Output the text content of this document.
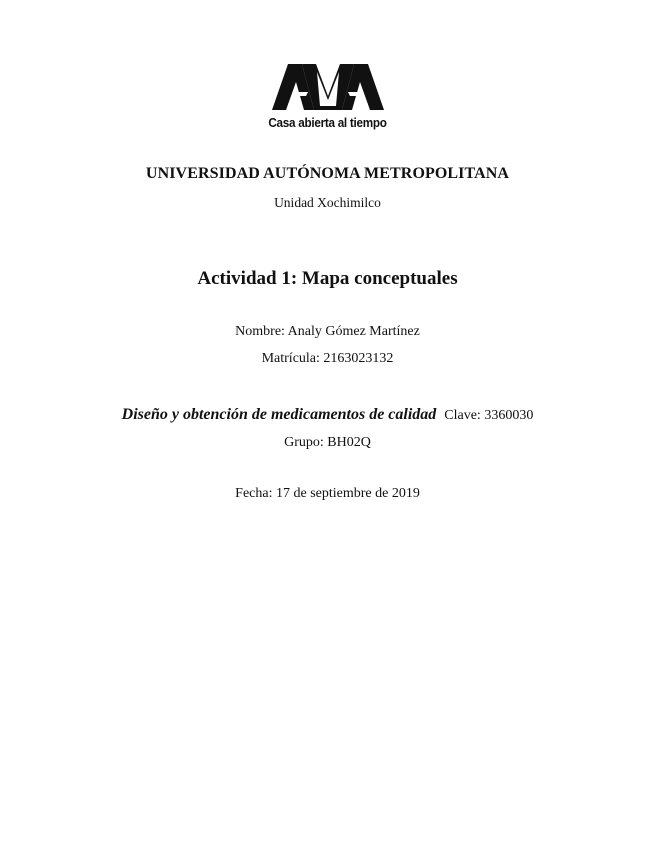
Casa abierta al tiempo
UNIVERSIDAD AUTÓNOMA METROPOLITANA
Unidad Xochimilco
Actividad 1: Mapa conceptuales
Nombre: Analy Gómez Martínez
Matrícula: 2163023132
Diseño y obtención de medicamentos de calidad Clave: 3360030
Grupo: BH02Q
Fecha: 17 de septiembre de 2019
